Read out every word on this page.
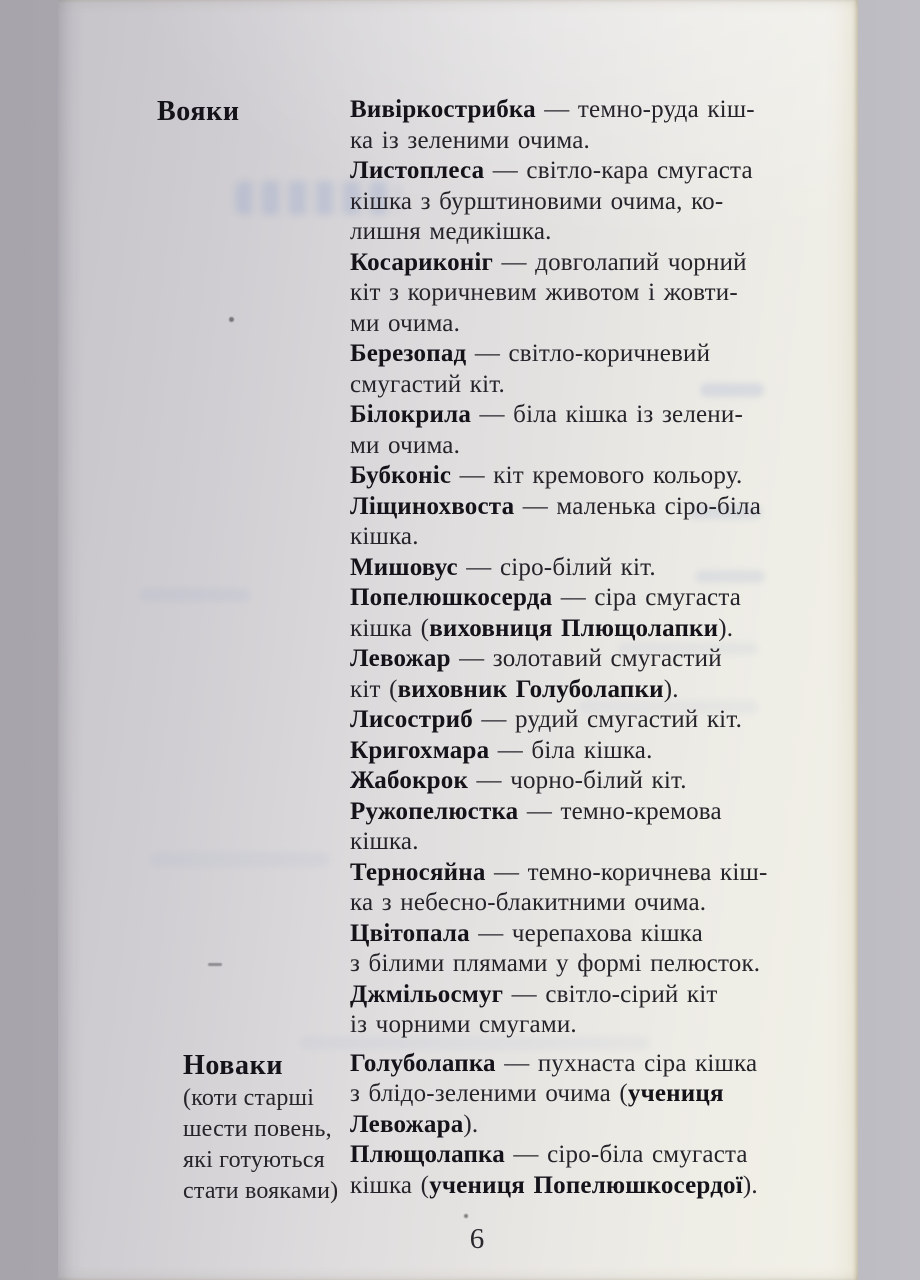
Вояки	Вивіркострибка — темно-руда кіш-
ка із зеленими очима.

Листоплеса — світло-кара смугаста
кішка з бурштиновими очима, ко-
лишня медикішка.

Косариконіг — довголапий чорний
кіт з коричневим животом і жовти-
ми очима.

Березопад — світло-коричневий
смугастий кіт.

Білокрила — біла кішка із зелени-
ми очима.

Бубконіс — кіт кремового кольору.

Ліщинохвоста — маленька сіро-біла
кішка.

Мишовус — сіро-білий кіт.

Попелюшкосерда — сіра смугаста
кішка (виховниця Плющолапки).

Левожар — золотавий смугастий
кіт (виховник Голуболапки).

Лисостриб — рудий смугастий кіт.

Кригохмара — біла кішка.

Жабокрок — чорно-білий кіт.

Ружопелюстка — темно-кремова
кішка.

Терносяйна — темно-коричнева кіш-
ка з небесно-блакитними очима.

Цвітопала — черепахова кішка
з білими плямами у формі пелюсток.

Джмільосмуг — світло-сірий кіт
із чорними смугами.

Новаки
(коти старші
шести повень,
які готуються
стати вояками)

Голуболапка — пухнаста сіра кішка
з блідо-зеленими очима (учениця
Левожара).

Плющолапка — сіро-біла смугаста
кішка (учениця Попелюшкосердої).

6
